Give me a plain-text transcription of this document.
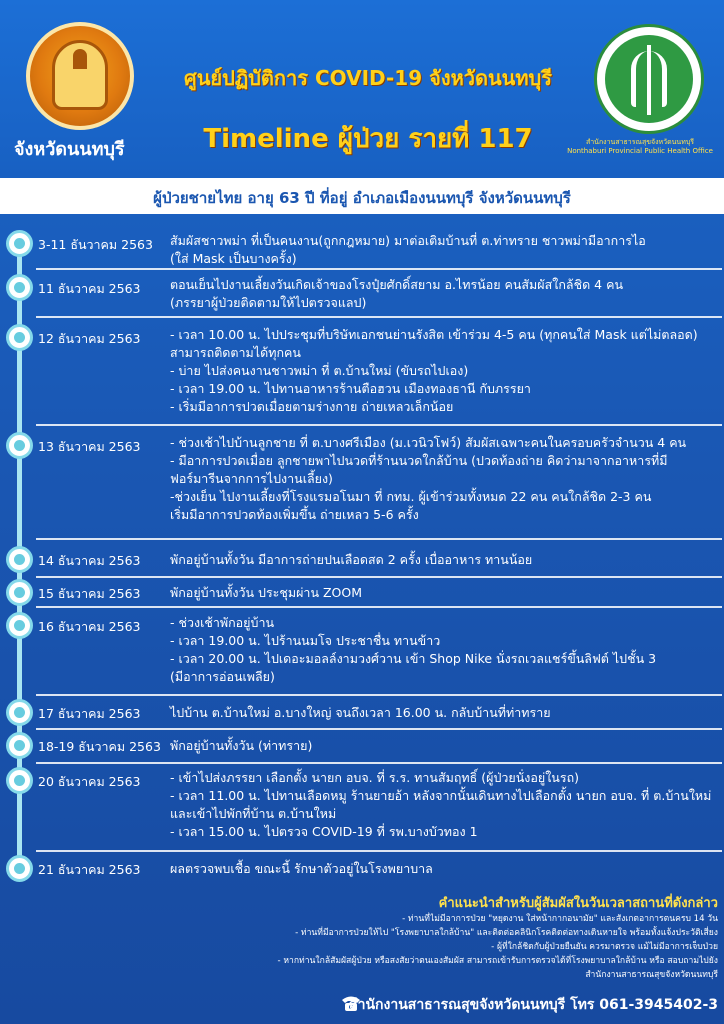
จังหวัดนนทบุรี
ศูนย์ปฏิบัติการ COVID-19 จังหวัดนนทบุรี
Timeline ผู้ป่วย รายที่ 117	สำนักงานสาธารณสุขจังหวัดนนทบุรี
Nonthaburi Provincial Public Health Office
ผู้ป่วยชายไทย อายุ 63 ปี ที่อยู่ อำเภอเมืองนนทบุรี จังหวัดนนทบุรี
3-11 ธันวาคม 2563 สัมผัสชาวพม่า ที่เป็นคนงาน(ถูกกฎหมาย) มาต่อเติมบ้านที่ ต.ท่าทราย ชาวพม่ามีอาการไอ
(ใส่ Mask เป็นบางครั้ง)
11 ธันวาคม 2563 ตอนเย็นไปงานเลี้ยงวันเกิดเจ้าของโรงปุ๋ยศักดิ์สยาม อ.ไทรน้อย คนสัมผัสใกล้ชิด 4 คน
(ภรรยาผู้ป่วยติดตามให้ไปตรวจแลป)
12 ธันวาคม 2563 - เวลา 10.00 น. ไปประชุมที่บริษัทเอกชนย่านรังสิต เข้าร่วม 4-5 คน (ทุกคนใส่ Mask แต่ไม่ตลอด)
สามารถติดตามได้ทุกคน
- บ่าย ไปส่งคนงานชาวพม่า ที่ ต.บ้านใหม่ (ขับรถไปเอง)
- เวลา 19.00 น. ไปทานอาหารร้านตือฮวน เมืองทองธานี กับภรรยา
- เริ่มมีอาการปวดเมื่อยตามร่างกาย ถ่ายเหลวเล็กน้อย
13 ธันวาคม 2563 - ช่วงเช้าไปบ้านลูกชาย ที่ ต.บางศรีเมือง (ม.เวนิวโฟว์) สัมผัสเฉพาะคนในครอบครัวจำนวน 4 คน
- มีอาการปวดเมื่อย ลูกชายพาไปนวดที่ร้านนวดใกล้บ้าน (ปวดท้องถ่าย คิดว่ามาจากอาหารที่มี
ฟอร์มารีนจากการไปงานเลี้ยง)
-ช่วงเย็น ไปงานเลี้ยงที่โรงแรมอโนมา ที่ กทม. ผู้เข้าร่วมทั้งหมด 22 คน คนใกล้ชิด 2-3 คน
เริ่มมีอาการปวดท้องเพิ่มขึ้น ถ่ายเหลว 5-6 ครั้ง
14 ธันวาคม 2563 พักอยู่บ้านทั้งวัน มีอาการถ่ายปนเลือดสด 2 ครั้ง เบื่ออาหาร ทานน้อย
15 ธันวาคม 2563 พักอยู่บ้านทั้งวัน ประชุมผ่าน ZOOM
16 ธันวาคม 2563 - ช่วงเช้าพักอยู่บ้าน
- เวลา 19.00 น. ไปร้านนมโจ ประชาชื่น ทานข้าว
- เวลา 20.00 น. ไปเดอะมอลล์งามวงศ์วาน เข้า Shop Nike นั่งรถเวลแชร์ขึ้นลิฟต์ ไปชั้น 3
(มีอาการอ่อนเพลีย)
17 ธันวาคม 2563 ไปบ้าน ต.บ้านใหม่ อ.บางใหญ่ จนถึงเวลา 16.00 น. กลับบ้านที่ท่าทราย
18-19 ธันวาคม 2563 พักอยู่บ้านทั้งวัน (ท่าทราย)
20 ธันวาคม 2563 - เข้าไปส่งภรรยา เลือกตั้ง นายก อบจ. ที่ ร.ร. ทานสัมฤทธิ์ (ผู้ป่วยนั่งอยู่ในรถ)
- เวลา 11.00 น. ไปทานเลือดหมู ร้านยายอ้า หลังจากนั้นเดินทางไปเลือกตั้ง นายก อบจ. ที่ ต.บ้านใหม่
และเข้าไปพักที่บ้าน ต.บ้านใหม่
- เวลา 15.00 น. ไปตรวจ COVID-19 ที่ รพ.บางบัวทอง 1
21 ธันวาคม 2563 ผลตรวจพบเชื้อ ขณะนี้ รักษาตัวอยู่ในโรงพยาบาล
คำแนะนำสำหรับผู้สัมผัสในวันเวลาสถานที่ดังกล่าว
- ท่านที่ไม่มีอาการป่วย "หยุดงาน ใส่หน้ากากอนามัย" และสังเกตอาการตนครบ 14 วัน
- ท่านที่มีอาการป่วยให้ไป "โรงพยาบาลใกล้บ้าน" และติดต่อคลินิกโรคติดต่อทางเดินหายใจ พร้อมทั้งแจ้งประวัติเสี่ยง
- ผู้ที่ใกล้ชิดกับผู้ป่วยยืนยัน ควรมาตรวจ แม้ไม่มีอาการเจ็บป่วย
- หากท่านใกล้สัมผัสผู้ป่วย หรือสงสัยว่าตนเองสัมผัส สามารถเข้ารับการตรวจได้ที่โรงพยาบาลใกล้บ้าน หรือ สอบถามไปยัง
สำนักงานสาธารณสุขจังหวัดนนทบุรี
สำนักงานสาธารณสุขจังหวัดนนทบุรี โทร 061-3945402-3
